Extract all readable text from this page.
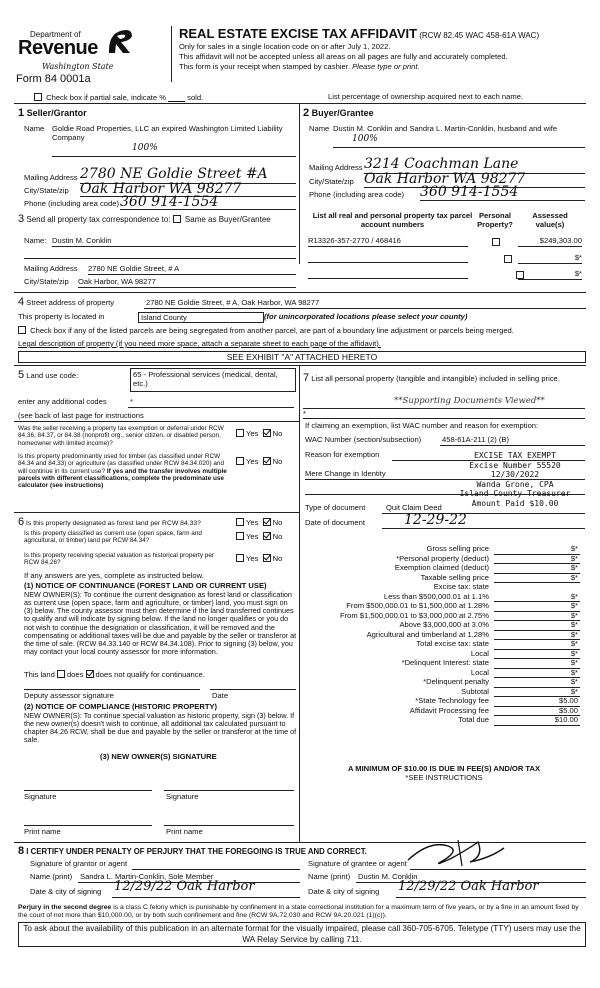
Department of
Revenue
Washington State
Form 84 0001a
REAL ESTATE EXCISE TAX AFFIDAVIT (RCW 82.45 WAC 458-61A WAC)
Only for sales in a single location code on or after July 1, 2022.
This affidavit will not be accepted unless all areas on all pages are fully and accurately completed.
This form is your receipt when stamped by cashier. Please type or print.
Check box if partial sale, indicate % ____ sold.	List percentage of ownership acquired next to each name.
1 Seller/Grantor
Name Goldie Road Properties, LLC an expired Washington Limited Liability Company
100%
Mailing Address 2780 NE Goldie Street #A
City/State/zip Oak Harbor WA 98277
Phone (including area code) 360 914-1554
2 Buyer/Grantee
Name Dustin M. Conklin and Sandra L. Martin-Conklin, husband and wife
100%
Mailing Address 3214 Coachman Lane
City/State/zip Oak Harbor WA 98277
Phone (including area code) 360 914-1554
3 Send all property tax correspondence to: Same as Buyer/Grantee
Name: Dustin M. Conklin
Mailing Address 2780 NE Goldie Street, # A
City/State/zip Oak Harbor, WA 98277
List all real and personal property tax parcel account numbers
Personal Property?
Assessed value(s)
R13326-357-2770 / 468416
	$249,303.00

$*
$*
4 Street address of property	2780 NE Goldie Street, # A, Oak Harbor, WA 98277
This property is located in	Island County	(for unincorporated locations please select your county)
Check box if any of the listed parcels are being segregated from another parcel, are part of a boundary line adjustment or parcels being merged.
Legal description of property (if you need more space, attach a separate sheet to each page of the affidavit).
SEE EXHIBIT "A" ATTACHED HERETO
5 Land use code:	65 - Professional services (medical, dental, etc.)
enter any additional codes	*
(see back of last page for instructions
Was the seller receiving a property tax exemption or deferral under RCW 84.36, 84.37, or 84.38 (nonprofit org., senior citizen, or disabled person, homeowner with limited income)?
Yes No
Is this property predominantly used for timber (as classified under RCW 84.34 and 84.33) or agriculture (as classified under RCW 84.34.020) and will continue in its current use? If yes and the transfer involves multiple parcels with different classifications, complete the predominate use calculator (see instructions)
Yes No
6 Is this property designated as forest land per RCW 84.33?	Yes No
Is this property classified as current use (open space, farm and agricultural, or timber) land per RCW 84.34?	Yes No
Is this property receiving special valuation as historical property per RCW 84.26?	Yes No
If any answers are yes, complete as instructed below.
(1) NOTICE OF CONTINUANCE (FOREST LAND OR CURRENT USE)
NEW OWNER(S): To continue the current designation as forest land or classification as current use (open space, farm and agriculture, or timber) land, you must sign on (3) below. The county assessor must then determine if the land transferred continues to qualify and will indicate by signing below. If the land no longer qualifies or you do not wish to continue the designation or classification, it will be removed and the compensating or additional taxes will be due and payable by the seller or transferor at the time of sale. (RCW 84.33.140 or RCW 84.34.108). Prior to signing (3) below, you may contact your local county assessor for more information.
This land does does not qualify for continuance.
Deputy assessor signature	Date
(2) NOTICE OF COMPLIANCE (HISTORIC PROPERTY)
NEW OWNER(S): To continue special valuation as historic property, sign (3) below. If the new owner(s) doesn't wish to continue, all additional tax calculated pursuant to chapter 84.26 RCW, shall be due and payable by the seller or transferor at the time of sale.
(3) NEW OWNER(S) SIGNATURE
Signature	Signature
Print name	Print name
7 List all personal property (tangible and intangible) included in selling price.
**Supporting Documents Viewed**
*
If claiming an exemption, list WAC number and reason for exemption:
WAC Number (section/subsection)	458-61A-211 (2) (B)
Reason for exemption
Mere Change in Identity
EXCISE TAX EXEMPT
Excise Number 55520
12/30/2022
Wanda Grone, CPA
Island County Treasurer
Amount Paid $10.00
Type of document	Quit Claim Deed
Date of document	12-29-22
Gross selling price	$*
*Personal property (deduct)	$*
Exemption claimed (deduct)	$*
Taxable selling price	$*
Excise tax: state
Less than $500,000.01 at 1.1%	$*
From $500,000.01 to $1,500,000 at 1.28%	$*
From $1,500,000.01 to $3,000,000 at 2.75%	$*
Above $3,000,000 at 3.0%	$*
Agricultural and timberland at 1.28%	$*
Total excise tax: state	$*
Local	$*
*Delinquent Interest: state	$*
Local	$*
*Delinquent penalty	$*
Subtotal	$*
*State Technology fee	$5.00
Affidavit Processing fee	$5.00
Total due	$10.00
A MINIMUM OF $10.00 IS DUE IN FEE(S) AND/OR TAX
*SEE INSTRUCTIONS
8 I CERTIFY UNDER PENALTY OF PERJURY THAT THE FOREGOING IS TRUE AND CORRECT.
Signature of grantor or agent	Signature of grantee or agent
Name (print) Sandra L. Martin-Conklin, Sole Member	Name (print) Dustin M. Conklin
Date & city of signing 12/29/22 Oak Harbor	Date & city of signing 12/29/22 Oak Harbor
Perjury in the second degree is a class C felony which is punishable by confinement in a state correctional institution for a maximum term of five years, or by a fine in an amount fixed by the court of not more than $10,000.00, or by both such confinement and fine (RCW 9A.72.030 and RCW 9A.20.021 (1)(c)).
To ask about the availability of this publication in an alternate format for the visually impaired, please call 360-705-6705. Teletype (TTY) users may use the WA Relay Service by calling 711.
